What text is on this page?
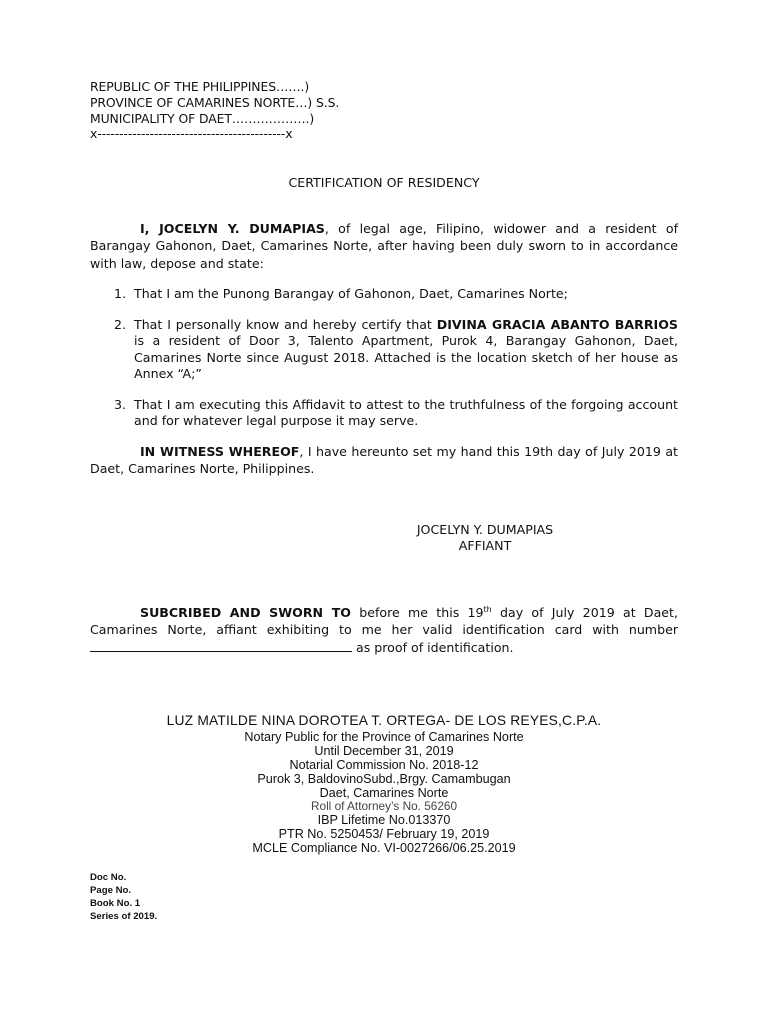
REPUBLIC OF THE PHILIPPINES…….)
PROVINCE OF CAMARINES NORTE…) S.S.
MUNICIPALITY OF DAET……………….)
x-------------------------------------------x
CERTIFICATION OF RESIDENCY
I, JOCELYN Y. DUMAPIAS, of legal age, Filipino, widower and a resident of Barangay Gahonon, Daet, Camarines Norte, after having been duly sworn to in accordance with law, depose and state:
1. That I am the Punong Barangay of Gahonon, Daet, Camarines Norte;
2. That I personally know and hereby certify that DIVINA GRACIA ABANTO BARRIOS is a resident of Door 3, Talento Apartment, Purok 4, Barangay Gahonon, Daet, Camarines Norte since August 2018. Attached is the location sketch of her house as Annex “A;”
3. That I am executing this Affidavit to attest to the truthfulness of the forgoing account and for whatever legal purpose it may serve.
IN WITNESS WHEREOF, I have hereunto set my hand this 19th day of July 2019 at Daet, Camarines Norte, Philippines.
JOCELYN Y. DUMAPIAS
AFFIANT
SUBCRIBED AND SWORN TO before me this 19th day of July 2019 at Daet, Camarines Norte, affiant exhibiting to me her valid identification card with number  as proof of identification.
LUZ MATILDE NINA DOROTEA T. ORTEGA- DE LOS REYES,C.P.A.
Notary Public for the Province of Camarines Norte
Until December 31, 2019
Notarial Commission No. 2018-12
Purok 3, BaldovinoSubd.,Brgy. Camambugan
Daet, Camarines Norte
Roll of Attorney’s No. 56260
IBP Lifetime No.013370
PTR No. 5250453/ February 19, 2019
MCLE Compliance No. VI-0027266/06.25.2019
Doc No.
Page No.
Book No. 1
Series of 2019.
